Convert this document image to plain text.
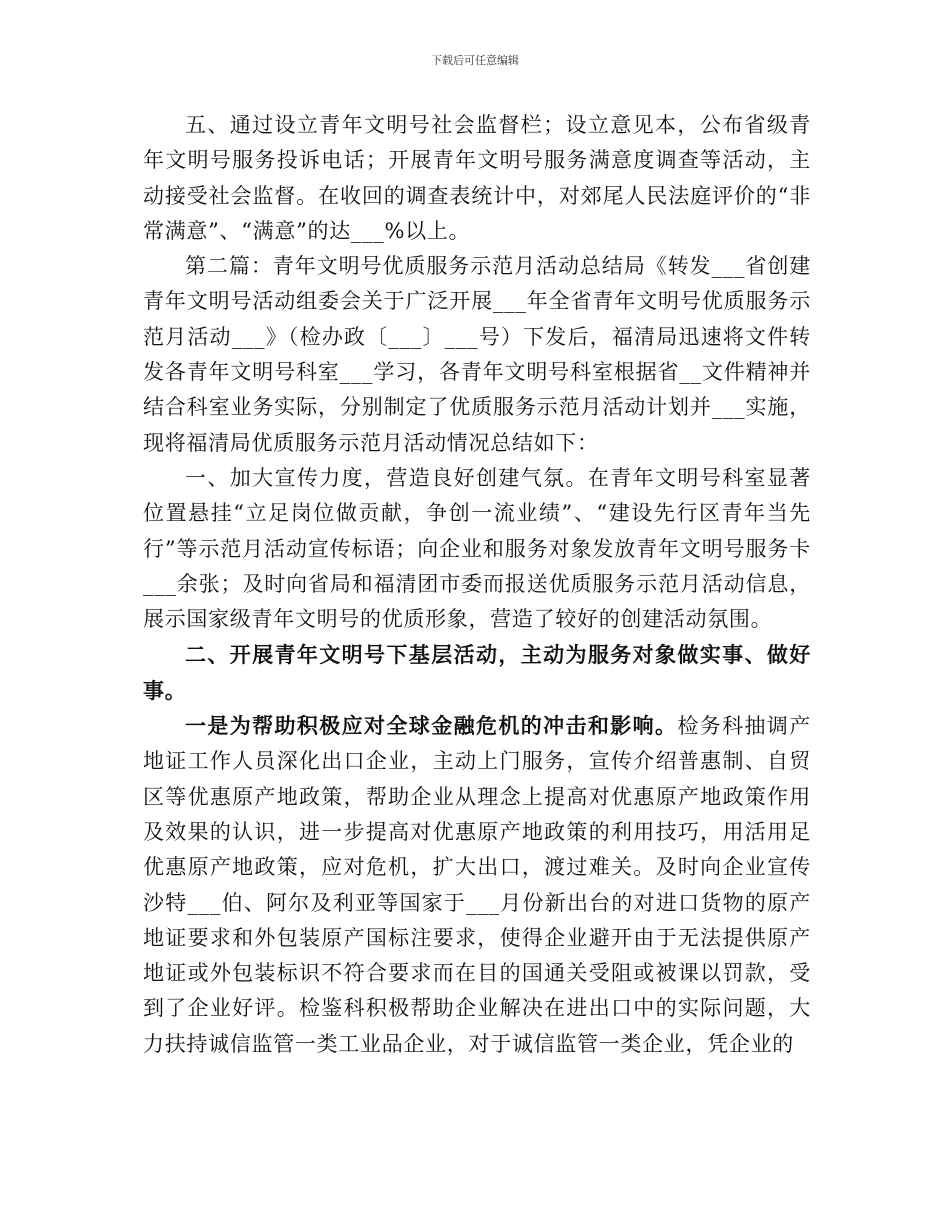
下载后可任意编辑

五、通过设立青年文明号社会监督栏；设立意见本，公布省级青年文明号服务投诉电话；开展青年文明号服务满意度调查等活动，主动接受社会监督。在收回的调查表统计中，对郊尾人民法庭评价的“非常满意”、“满意”的达___%以上。

第二篇：青年文明号优质服务示范月活动总结局《转发___省创建青年文明号活动组委会关于广泛开展___年全省青年文明号优质服务示范月活动___》（检办政〔___〕___号）下发后，福清局迅速将文件转发各青年文明号科室___学习，各青年文明号科室根据省__文件精神并结合科室业务实际，分别制定了优质服务示范月活动计划并___实施，现将福清局优质服务示范月活动情况总结如下：

一、加大宣传力度，营造良好创建气氛。在青年文明号科室显著位置悬挂“立足岗位做贡献，争创一流业绩”、“建设先行区青年当先行”等示范月活动宣传标语；向企业和服务对象发放青年文明号服务卡___余张；及时向省局和福清团市委而报送优质服务示范月活动信息，展示国家级青年文明号的优质形象，营造了较好的创建活动氛围。

二、开展青年文明号下基层活动，主动为服务对象做实事、做好事。

一是为帮助积极应对全球金融危机的冲击和影响。检务科抽调产地证工作人员深化出口企业，主动上门服务，宣传介绍普惠制、自贸区等优惠原产地政策，帮助企业从理念上提高对优惠原产地政策作用及效果的认识，进一步提高对优惠原产地政策的利用技巧，用活用足优惠原产地政策，应对危机，扩大出口，渡过难关。及时向企业宣传沙特___伯、阿尔及利亚等国家于___月份新出台的对进口货物的原产地证要求和外包装原产国标注要求，使得企业避开由于无法提供原产地证或外包装标识不符合要求而在目的国通关受阻或被课以罚款，受到了企业好评。检鉴科积极帮助企业解决在进出口中的实际问题，大力扶持诚信监管一类工业品企业，对于诚信监管一类企业，凭企业的
